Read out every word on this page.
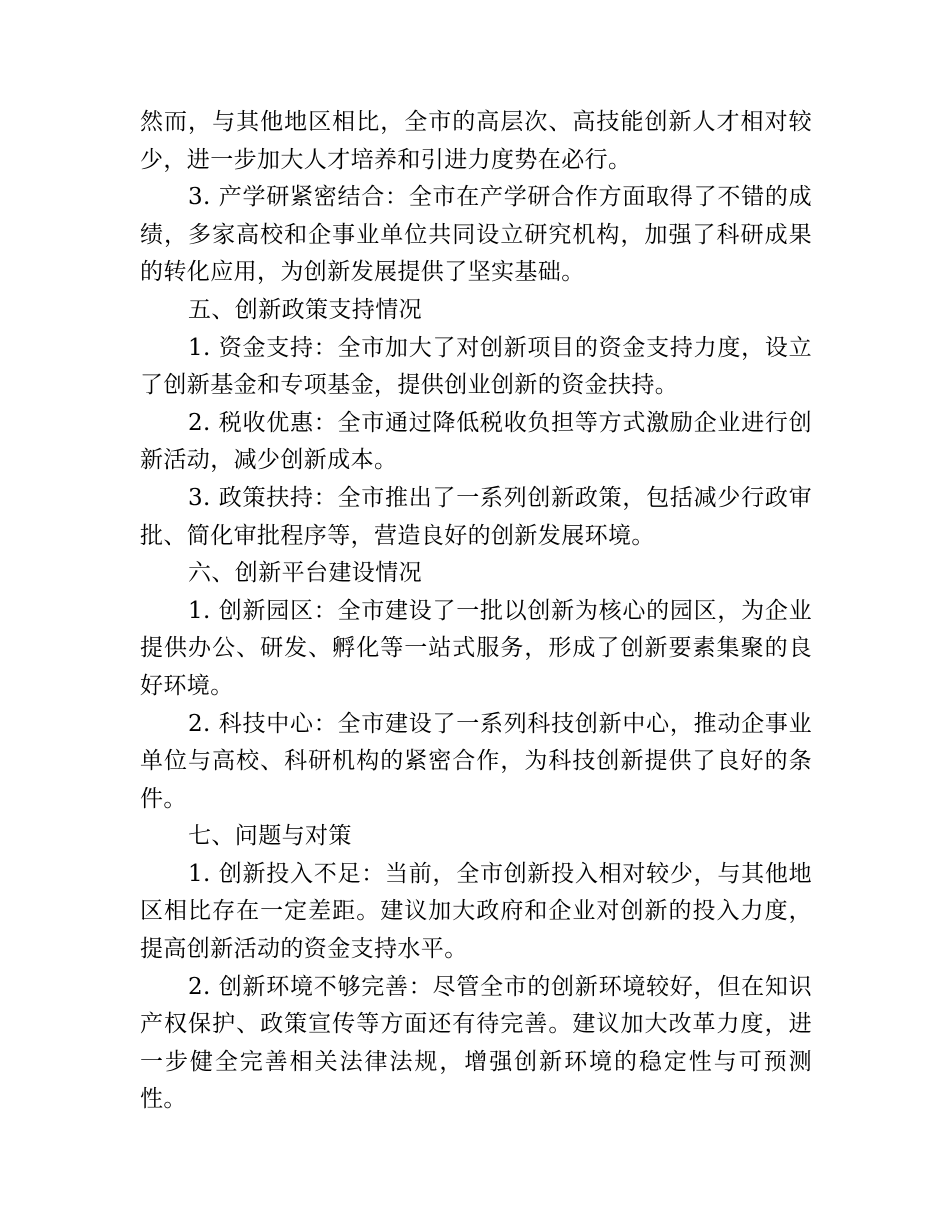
然而，与其他地区相比，全市的高层次、高技能创新人才相对较少，进一步加大人才培养和引进力度势在必行。

3. 产学研紧密结合：全市在产学研合作方面取得了不错的成绩，多家高校和企事业单位共同设立研究机构，加强了科研成果的转化应用，为创新发展提供了坚实基础。

五、创新政策支持情况

1. 资金支持：全市加大了对创新项目的资金支持力度，设立了创新基金和专项基金，提供创业创新的资金扶持。

2. 税收优惠：全市通过降低税收负担等方式激励企业进行创新活动，减少创新成本。

3. 政策扶持：全市推出了一系列创新政策，包括减少行政审批、简化审批程序等，营造良好的创新发展环境。

六、创新平台建设情况

1. 创新园区：全市建设了一批以创新为核心的园区，为企业提供办公、研发、孵化等一站式服务，形成了创新要素集聚的良好环境。

2. 科技中心：全市建设了一系列科技创新中心，推动企事业单位与高校、科研机构的紧密合作，为科技创新提供了良好的条件。

七、问题与对策

1. 创新投入不足：当前，全市创新投入相对较少，与其他地区相比存在一定差距。建议加大政府和企业对创新的投入力度，提高创新活动的资金支持水平。

2. 创新环境不够完善：尽管全市的创新环境较好，但在知识产权保护、政策宣传等方面还有待完善。建议加大改革力度，进一步健全完善相关法律法规，增强创新环境的稳定性与可预测性。
